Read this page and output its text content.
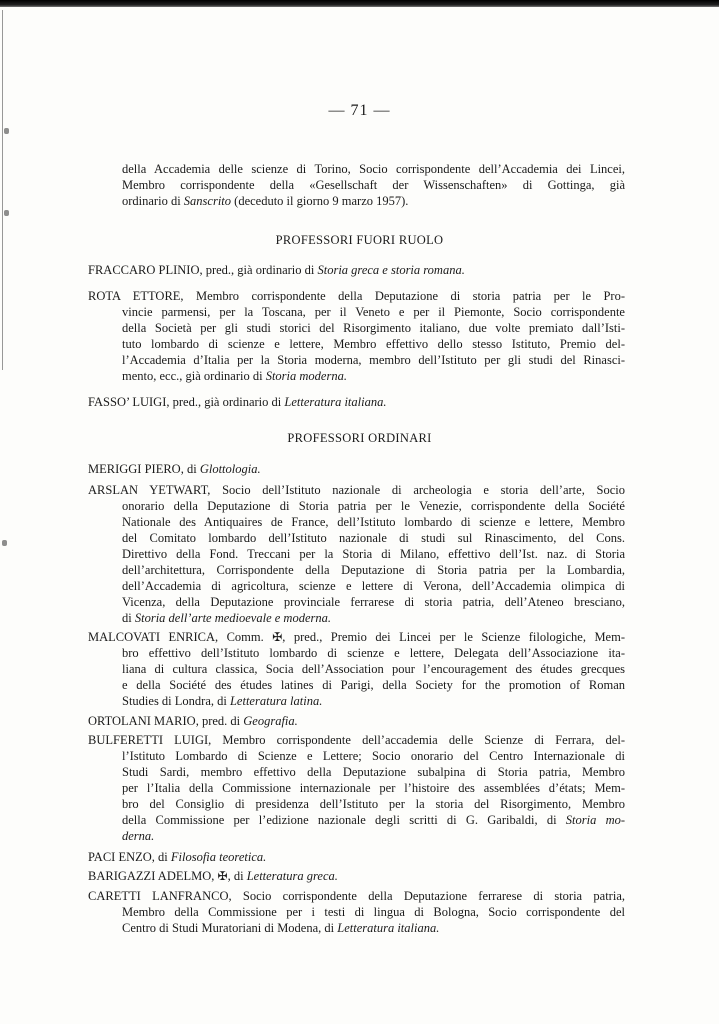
— 71 —
PROFESSORI FUORI RUOLO
PROFESSORI ORDINARI
della Accademia delle scienze di Torino, Socio corrispondente dell’Accademia dei Lincei,
Membro corrispondente della «Gesellschaft der Wissenschaften» di Gottinga, già
ordinario di Sanscrito (deceduto il giorno 9 marzo 1957).
FRACCARO PLINIO, pred., già ordinario di Storia greca e storia romana.
ROTA ETTORE, Membro corrispondente della Deputazione di storia patria per le Pro-
vincie parmensi, per la Toscana, per il Veneto e per il Piemonte, Socio corrispondente
della Società per gli studi storici del Risorgimento italiano, due volte premiato dall’Isti-
tuto lombardo di scienze e lettere, Membro effettivo dello stesso Istituto, Premio del-
l’Accademia d’Italia per la Storia moderna, membro dell’Istituto per gli studi del Rinasci-
mento, ecc., già ordinario di Storia moderna.
FASSO’ LUIGI, pred., già ordinario di Letteratura italiana.
MERIGGI PIERO, di Glottologia.
ARSLAN YETWART, Socio dell’Istituto nazionale di archeologia e storia dell’arte, Socio
onorario della Deputazione di Storia patria per le Venezie, corrispondente della Société
Nationale des Antiquaires de France, dell’Istituto lombardo di scienze e lettere, Membro
del Comitato lombardo dell’Istituto nazionale di studi sul Rinascimento, del Cons.
Direttivo della Fond. Treccani per la Storia di Milano, effettivo dell’Ist. naz. di Storia
dell’architettura, Corrispondente della Deputazione di Storia patria per la Lombardia,
dell’Accademia di agricoltura, scienze e lettere di Verona, dell’Accademia olimpica di
Vicenza, della Deputazione provinciale ferrarese di storia patria, dell’Ateneo bresciano,
di Storia dell’arte medioevale e moderna.
MALCOVATI ENRICA, Comm. ✠, pred., Premio dei Lincei per le Scienze filologiche, Mem-
bro effettivo dell’Istituto lombardo di scienze e lettere, Delegata dell’Associazione ita-
liana di cultura classica, Socia dell’Association pour l’encouragement des études grecques
e della Société des études latines di Parigi, della Society for the promotion of Roman
Studies di Londra, di Letteratura latina.
ORTOLANI MARIO, pred. di Geografia.
BULFERETTI LUIGI, Membro corrispondente dell’accademia delle Scienze di Ferrara, del-
l’Istituto Lombardo di Scienze e Lettere; Socio onorario del Centro Internazionale di
Studi Sardi, membro effettivo della Deputazione subalpina di Storia patria, Membro
per l’Italia della Commissione internazionale per l’histoire des assemblées d’états; Mem-
bro del Consiglio di presidenza dell’Istituto per la storia del Risorgimento, Membro
della Commissione per l’edizione nazionale degli scritti di G. Garibaldi, di Storia mo-
derna.
PACI ENZO, di Filosofia teoretica.
BARIGAZZI ADELMO, ✠, di Letteratura greca.
CARETTI LANFRANCO, Socio corrispondente della Deputazione ferrarese di storia patria,
Membro della Commissione per i testi di lingua di Bologna, Socio corrispondente del
Centro di Studi Muratoriani di Modena, di Letteratura italiana.
